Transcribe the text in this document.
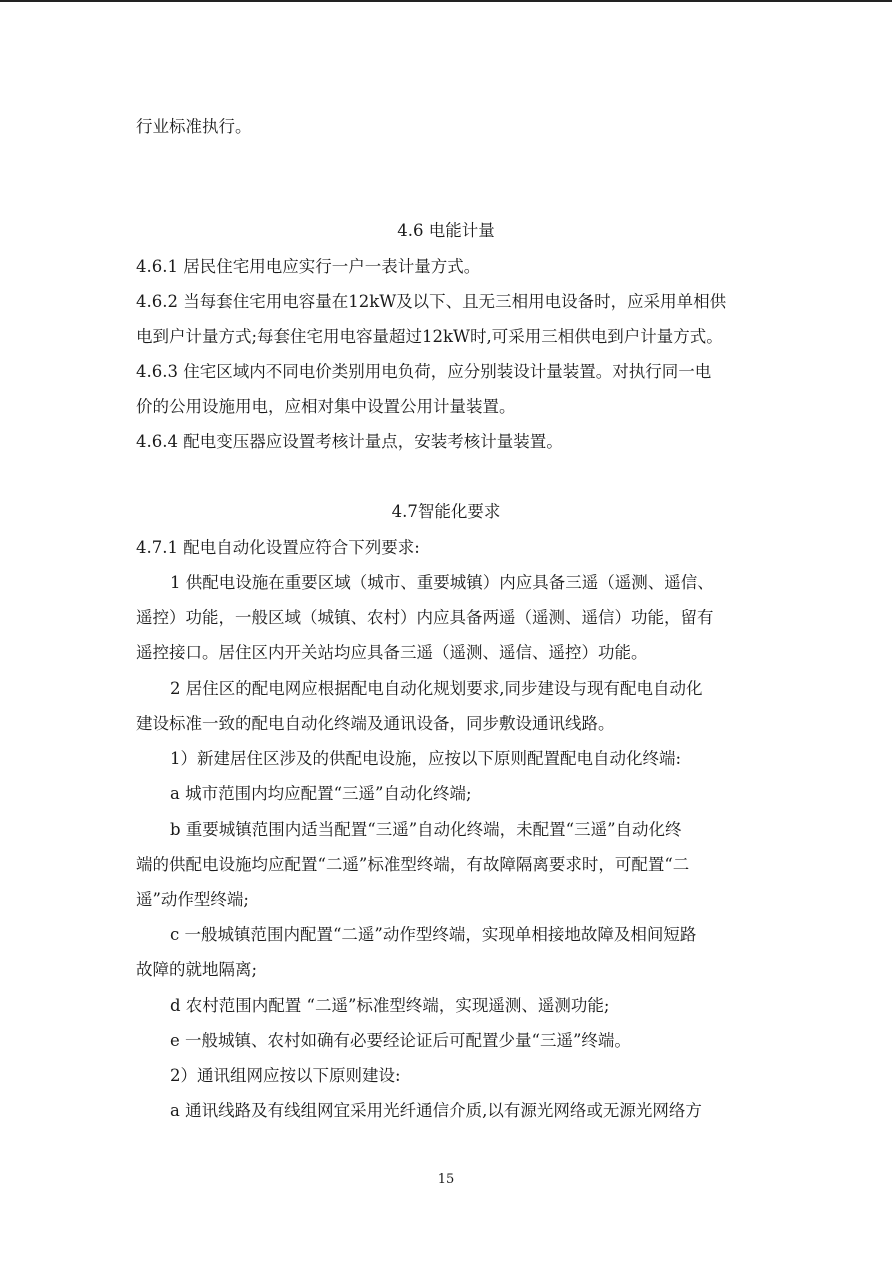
行业标准执行。
4.6 电能计量
4.6.1 居民住宅用电应实行一户一表计量方式。
4.6.2 当每套住宅用电容量在12kW及以下、且无三相用电设备时，应采用单相供
电到户计量方式;每套住宅用电容量超过12kW时,可采用三相供电到户计量方式。
4.6.3 住宅区域内不同电价类别用电负荷，应分别装设计量装置。对执行同一电
价的公用设施用电，应相对集中设置公用计量装置。
4.6.4 配电变压器应设置考核计量点，安装考核计量装置。
4.7智能化要求
4.7.1 配电自动化设置应符合下列要求:
1 供配电设施在重要区域（城市、重要城镇）内应具备三遥（遥测、遥信、
遥控）功能，一般区域（城镇、农村）内应具备两遥（遥测、遥信）功能，留有
遥控接口。居住区内开关站均应具备三遥（遥测、遥信、遥控）功能。
2 居住区的配电网应根据配电自动化规划要求,同步建设与现有配电自动化
建设标准一致的配电自动化终端及通讯设备，同步敷设通讯线路。
1）新建居住区涉及的供配电设施，应按以下原则配置配电自动化终端:
a 城市范围内均应配置“三遥”自动化终端;
b 重要城镇范围内适当配置“三遥”自动化终端，未配置“三遥”自动化终
端的供配电设施均应配置“二遥”标准型终端，有故障隔离要求时，可配置“二
遥”动作型终端;
c 一般城镇范围内配置“二遥”动作型终端，实现单相接地故障及相间短路
故障的就地隔离;
d 农村范围内配置 “二遥”标准型终端，实现遥测、遥测功能;
e 一般城镇、农村如确有必要经论证后可配置少量“三遥”终端。
2）通讯组网应按以下原则建设:
a 通讯线路及有线组网宜采用光纤通信介质,以有源光网络或无源光网络方
15
